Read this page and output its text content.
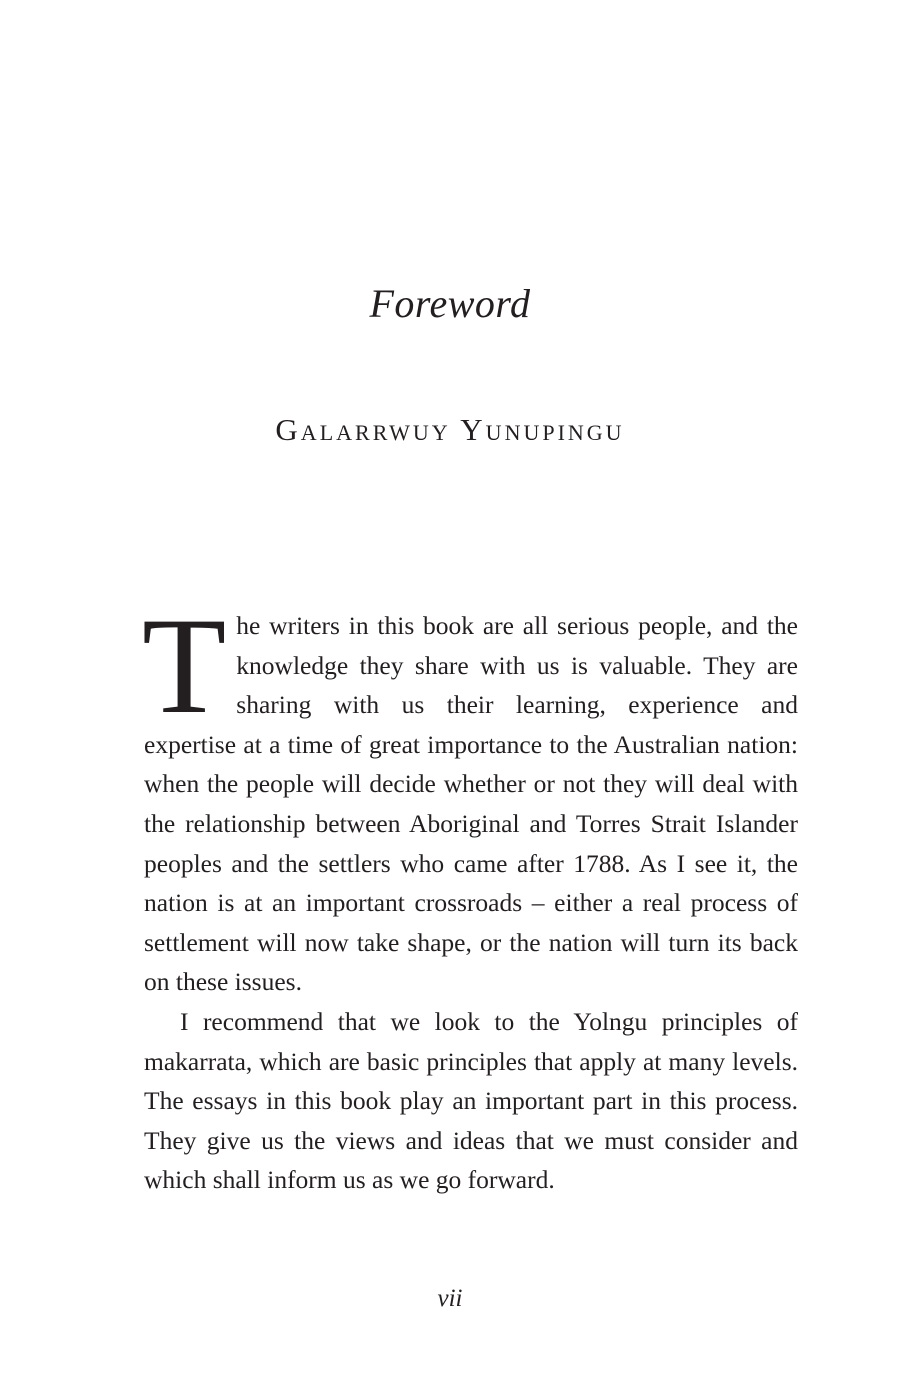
Foreword
Galarrwuy Yunupingu

The writers in this book are all serious people, and the knowledge they share with us is valuable. They are sharing with us their learning, experience and expertise at a time of great importance to the Australian nation: when the people will decide whether or not they will deal with the relationship between Aboriginal and Torres Strait Islander peoples and the settlers who came after 1788. As I see it, the nation is at an important crossroads – either a real process of settlement will now take shape, or the nation will turn its back on these issues.

I recommend that we look to the Yolngu principles of makarrata, which are basic principles that apply at many levels. The essays in this book play an important part in this process. They give us the views and ideas that we must consider and which shall inform us as we go forward.

vii
